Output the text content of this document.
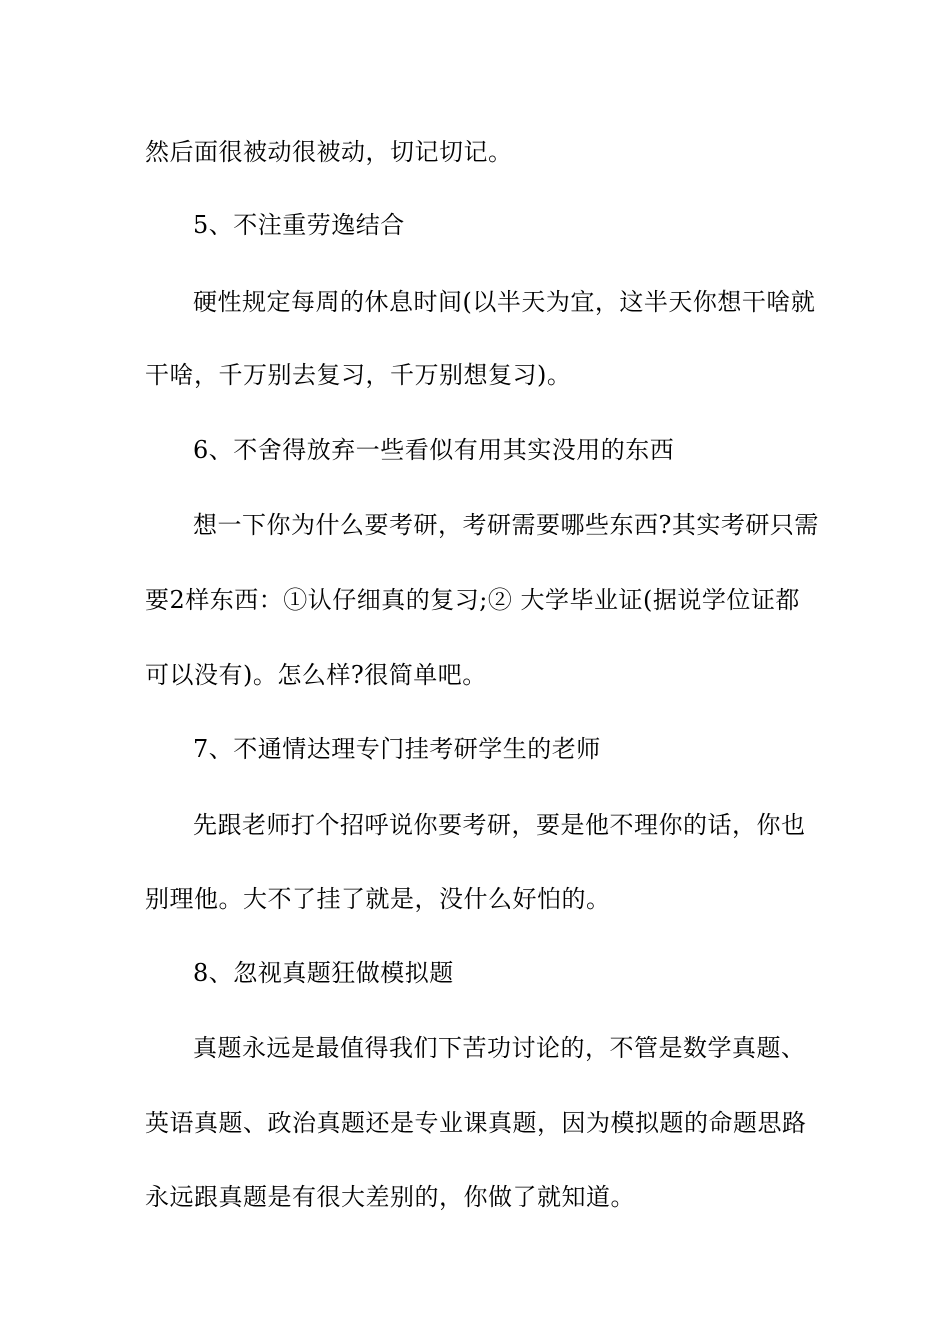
然后面很被动很被动，切记切记。
5、不注重劳逸结合
硬性规定每周的休息时间(以半天为宜，这半天你想干啥就
干啥，千万别去复习，千万别想复习)。
6、不舍得放弃一些看似有用其实没用的东西
想一下你为什么要考研，考研需要哪些东西?其实考研只需
要2样东西：①认仔细真的复习;② 大学毕业证(据说学位证都
可以没有)。怎么样?很简单吧。
7、不通情达理专门挂考研学生的老师
先跟老师打个招呼说你要考研，要是他不理你的话，你也
别理他。大不了挂了就是，没什么好怕的。
8、忽视真题狂做模拟题
真题永远是最值得我们下苦功讨论的，不管是数学真题、
英语真题、政治真题还是专业课真题，因为模拟题的命题思路
永远跟真题是有很大差别的，你做了就知道。
